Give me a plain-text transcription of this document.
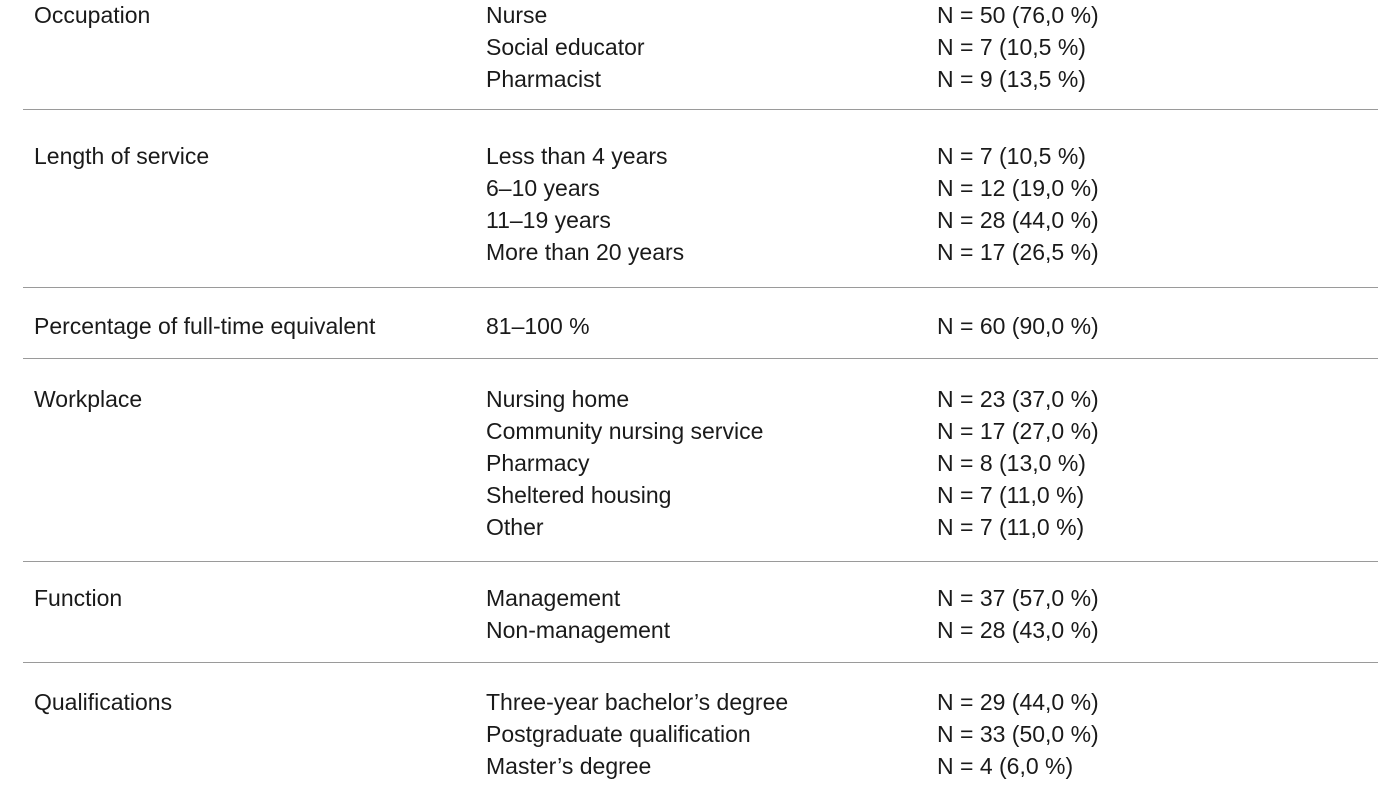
Occupation	Nurse	N = 50 (76,0 %)
Social educator	N = 7 (10,5 %)
Pharmacist	N = 9 (13,5 %)
Length of service	Less than 4 years	N = 7 (10,5 %)
6–10 years	N = 12 (19,0 %)
11–19 years	N = 28 (44,0 %)
More than 20 years	N = 17 (26,5 %)
Percentage of full-time equivalent	81–100 %	N = 60 (90,0 %)
Workplace	Nursing home	N = 23 (37,0 %)
Community nursing service	N = 17 (27,0 %)
Pharmacy	N = 8 (13,0 %)
Sheltered housing	N = 7 (11,0 %)
Other	N = 7 (11,0 %)
Function	Management	N = 37 (57,0 %)
Non-management	N = 28 (43,0 %)
Qualifications	Three-year bachelor’s degree	N = 29 (44,0 %)
Postgraduate qualification	N = 33 (50,0 %)
Master’s degree	N = 4 (6,0 %)
